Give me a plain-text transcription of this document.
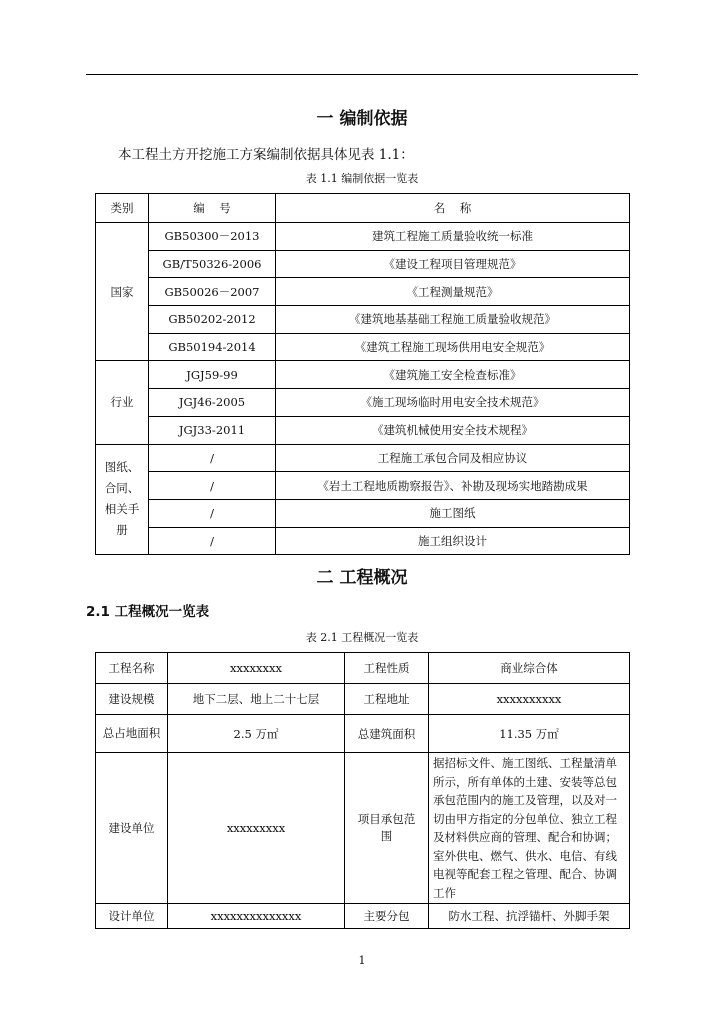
一 编制依据
本工程土方开挖施工方案编制依据具体见表 1.1：
表 1.1 编制依据一览表
类别	编    号	名    称
国家	GB50300－2013	建筑工程施工质量验收统一标准
	GB/T50326-2006	《建设工程项目管理规范》
	GB50026－2007	《工程测量规范》
	GB50202-2012	《建筑地基基础工程施工质量验收规范》
	GB50194-2014	《建筑工程施工现场供用电安全规范》
行业	JGJ59-99	《建筑施工安全检查标准》
	JGJ46-2005	《施工现场临时用电安全技术规范》
	JGJ33-2011	《建筑机械使用安全技术规程》
图纸、合同、相关手册	/	工程施工承包合同及相应协议
	/	《岩土工程地质勘察报告》、补勘及现场实地踏勘成果
	/	施工图纸
	/	施工组织设计
二 工程概况
2.1 工程概况一览表
表 2.1 工程概况一览表
工程名称	xxxxxxxx	工程性质	商业综合体
建设规模	地下二层、地上二十七层	工程地址	xxxxxxxxxx
总占地面积	2.5 万㎡	总建筑面积	11.35 万㎡
建设单位	xxxxxxxxx	项目承包范围	据招标文件、施工图纸、工程量清单所示，所有单体的土建、安装等总包承包范围内的施工及管理，以及对一切由甲方指定的分包单位、独立工程及材料供应商的管理、配合和协调；室外供电、燃气、供水、电信、有线电视等配套工程之管理、配合、协调工作
设计单位	xxxxxxxxxxxxxx	主要分包	防水工程、抗浮锚杆、外脚手架
1
